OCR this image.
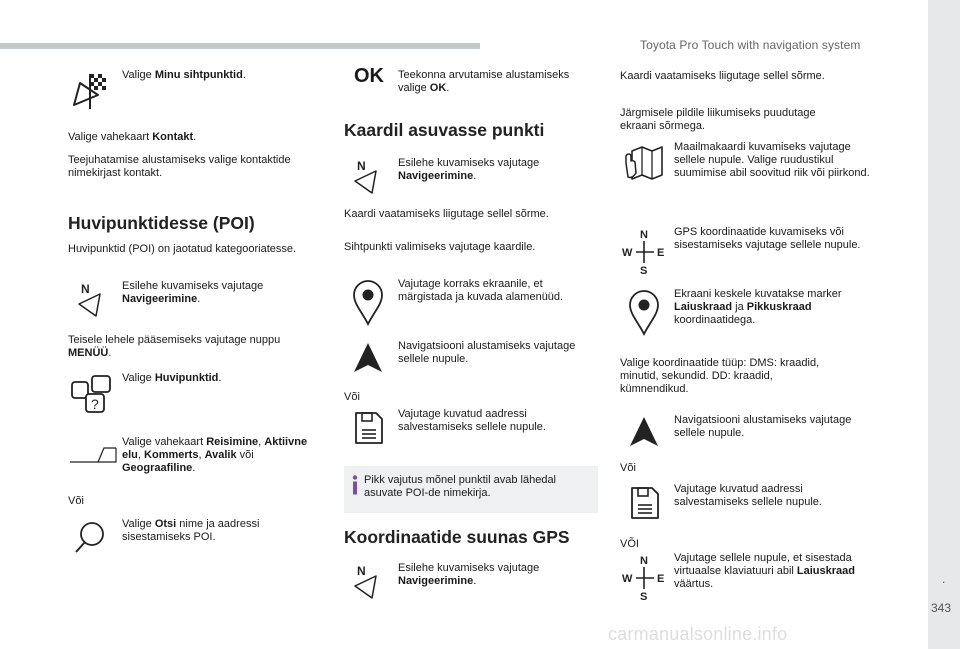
Toyota Pro Touch with navigation system
.
343
carmanualsonline.info
Valige Minu sihtpunktid.

Valige vahekaart Kontakt.

Teejuhatamise alustamiseks valige kontaktide nimekirjast kontakt.

Huvipunktidesse (POI)

Huvipunktid (POI) on jaotatud kategooriatesse.

N	Esilehe kuvamiseks vajutage Navigeerimine.

Teisele lehele pääsemiseks vajutage nuppu MENÜÜ.

?
Valige Huvipunktid.
Valige vahekaart Reisimine, Aktiivne elu, Kommerts, Avalik või Geograafiline.

Või

Valige Otsi nime ja aadressi sisestamiseks POI.
OK	Teekonna arvutamise alustamiseks valige OK.
Kaardil asuvasse punkti
N	Esilehe kuvamiseks vajutage Navigeerimine.

Kaardi vaatamiseks liigutage sellel sõrme.

Sihtpunkti valimiseks vajutage kaardile.

Vajutage korraks ekraanile, et märgistada ja kuvada alamenüüd.
Navigatsiooni alustamiseks vajutage sellele nupule.

Või

Vajutage kuvatud aadressi salvestamiseks sellele nupule.
Pikk vajutus mõnel punktil avab lähedal asuvate POI-de nimekirja.
Koordinaatide suunas GPS
N	Esilehe kuvamiseks vajutage Navigeerimine.

Kaardi vaatamiseks liigutage sellel sõrme.

Järgmisele pildile liikumiseks puudutage ekraani sõrmega.

Maailmakaardi kuvamiseks vajutage sellele nupule. Valige ruudustikul suumimise abil soovitud riik või piirkond.
N
S
W E
GPS koordinaatide kuvamiseks või sisestamiseks vajutage sellele nupule.
Ekraani keskele kuvatakse marker Laiuskraad ja Pikkuskraad koordinaatidega.

Valige koordinaatide tüüp: DMS: kraadid, minutid, sekundid. DD: kraadid, kümnendikud.

Navigatsiooni alustamiseks vajutage sellele nupule.

Või

Vajutage kuvatud aadressi salvestamiseks sellele nupule.

VÕI

N
S
W E
Vajutage sellele nupule, et sisestada virtuaalse klaviatuuri abil Laiuskraad väärtus.
